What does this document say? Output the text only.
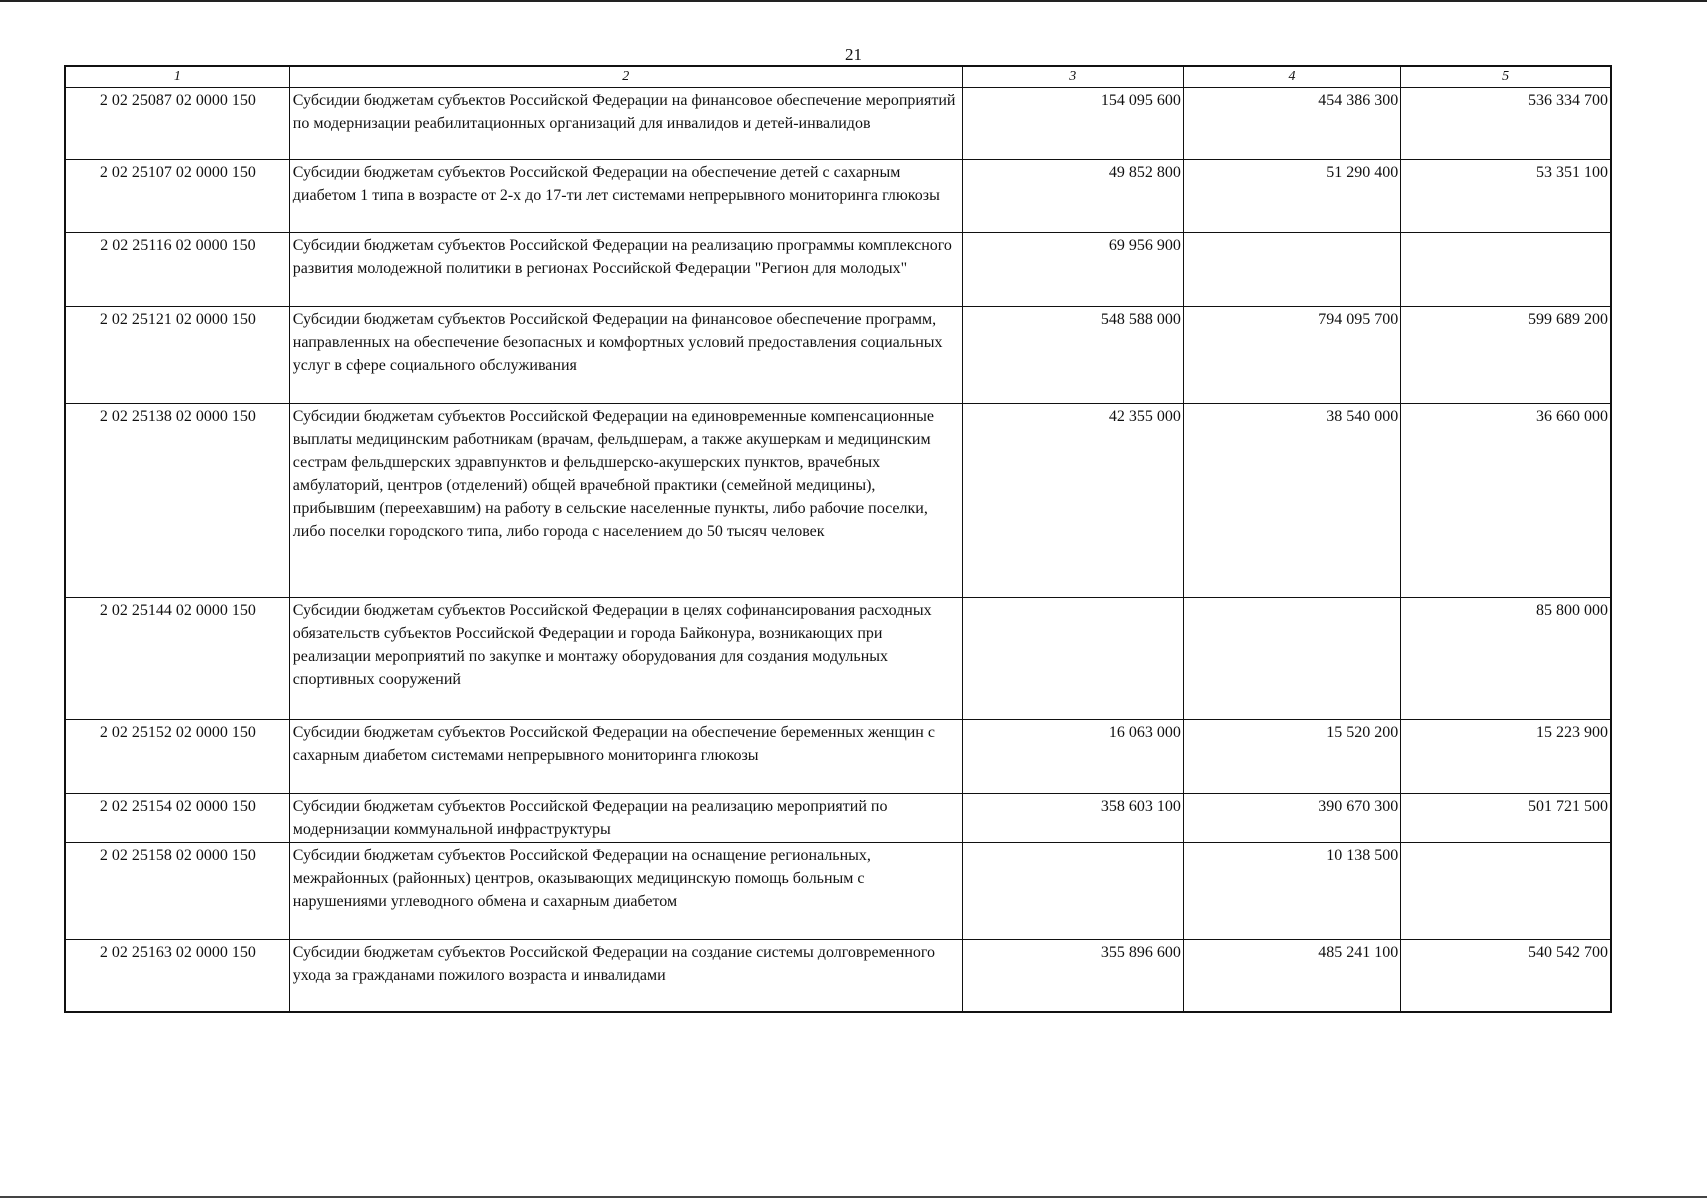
21
1	2	3	4	5
2 02 25087 02 0000 150	Субсидии бюджетам субъектов Российской Федерации на финансовое обеспечение мероприятий по модернизации реабилитационных организаций для инвалидов и детей-инвалидов	154 095 600	454 386 300	536 334 700
2 02 25107 02 0000 150	Субсидии бюджетам субъектов Российской Федерации на обеспечение детей с сахарным диабетом 1 типа в возрасте от 2-х до 17-ти лет системами непрерывного мониторинга глюкозы	49 852 800	51 290 400	53 351 100
2 02 25116 02 0000 150	Субсидии бюджетам субъектов Российской Федерации на реализацию программы комплексного развития молодежной политики в регионах Российской Федерации "Регион для молодых"	69 956 900		
2 02 25121 02 0000 150	Субсидии бюджетам субъектов Российской Федерации на финансовое обеспечение программ, направленных на обеспечение безопасных и комфортных условий предоставления социальных услуг в сфере социального обслуживания	548 588 000	794 095 700	599 689 200
2 02 25138 02 0000 150	Субсидии бюджетам субъектов Российской Федерации на единовременные компенсационные выплаты медицинским работникам (врачам, фельдшерам, а также акушеркам и медицинским сестрам фельдшерских здравпунктов и фельдшерско-акушерских пунктов, врачебных амбулаторий, центров (отделений) общей врачебной практики (семейной медицины), прибывшим (переехавшим) на работу в сельские населенные пункты, либо рабочие поселки, либо поселки городского типа, либо города с населением до 50 тысяч человек	42 355 000	38 540 000	36 660 000
2 02 25144 02 0000 150	Субсидии бюджетам субъектов Российской Федерации в целях софинансирования расходных обязательств субъектов Российской Федерации и города Байконура, возникающих при реализации мероприятий по закупке и монтажу оборудования для создания модульных спортивных сооружений			85 800 000
2 02 25152 02 0000 150	Субсидии бюджетам субъектов Российской Федерации на обеспечение беременных женщин с сахарным диабетом системами непрерывного мониторинга глюкозы	16 063 000	15 520 200	15 223 900
2 02 25154 02 0000 150	Субсидии бюджетам субъектов Российской Федерации на реализацию мероприятий по модернизации коммунальной инфраструктуры	358 603 100	390 670 300	501 721 500
2 02 25158 02 0000 150	Субсидии бюджетам субъектов Российской Федерации на оснащение региональных, межрайонных (районных) центров, оказывающих медицинскую помощь больным с нарушениями углеводного обмена и сахарным диабетом		10 138 500	
2 02 25163 02 0000 150	Субсидии бюджетам субъектов Российской Федерации на создание системы долговременного ухода за гражданами пожилого возраста и инвалидами	355 896 600	485 241 100	540 542 700
